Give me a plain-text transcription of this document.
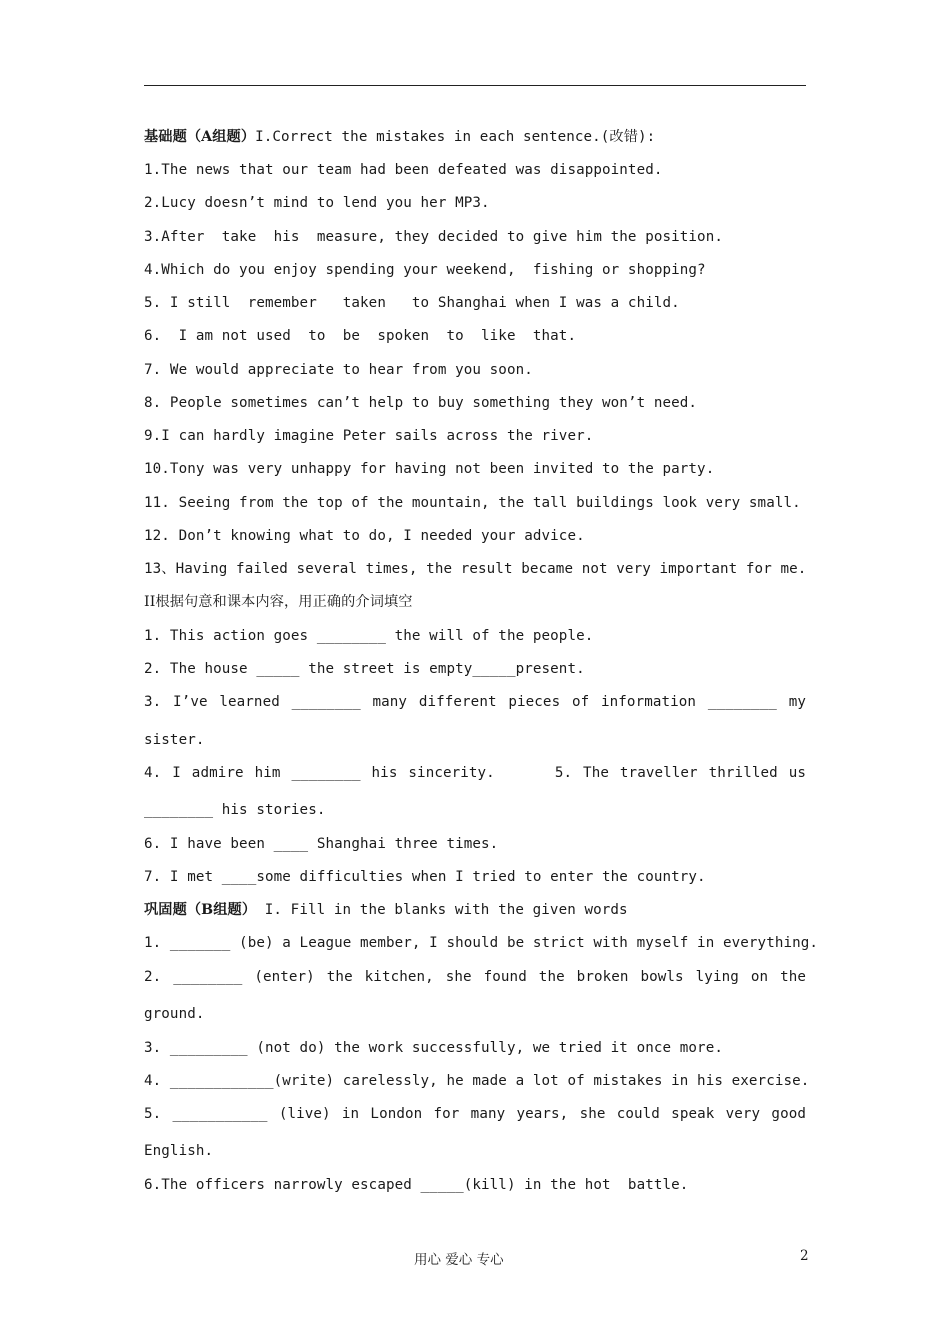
基础题（A组题）I.Correct the mistakes in each sentence.(改错):
1.The news that our team had been defeated was disappointed.
2.Lucy doesn’t mind to lend you her MP3.
3.After  take  his  measure, they decided to give him the position.
4.Which do you enjoy spending your weekend,  fishing or shopping?
5. I still  remember   taken   to Shanghai when I was a child.
6.  I am not used  to  be  spoken  to  like  that.
7. We would appreciate to hear from you soon.
8. People sometimes can’t help to buy something they won’t need.
9.I can hardly imagine Peter sails across the river.
10.Tony was very unhappy for having not been invited to the party.
11. Seeing from the top of the mountain, the tall buildings look very small.
12. Don’t knowing what to do, I needed your advice.
13、Having failed several times, the result became not very important for me.
II根据句意和课本内容，用正确的介词填空
1. This action goes ________ the will of the people.
2. The house _____ the street is empty_____present.
3. I’ve learned ________ many different pieces of information ________ my
sister.
4. I admire him ________ his sincerity.	5. The traveller thrilled us
________ his stories.
6. I have been ____ Shanghai three times.
7. I met ____some difficulties when I tried to enter the country.
巩固题（B组题） I. Fill in the blanks with the given words
1. _______ (be) a League member, I should be strict with myself in everything.
2. ________ (enter) the kitchen, she found the broken bowls lying on the
ground.
3. _________ (not do) the work successfully, we tried it once more.
4. ____________(write) carelessly, he made a lot of mistakes in his exercise.
5. ___________ (live) in London for many years, she could speak very good
English.
6.The officers narrowly escaped _____(kill) in the hot  battle.
用心 爱心 专心	2
